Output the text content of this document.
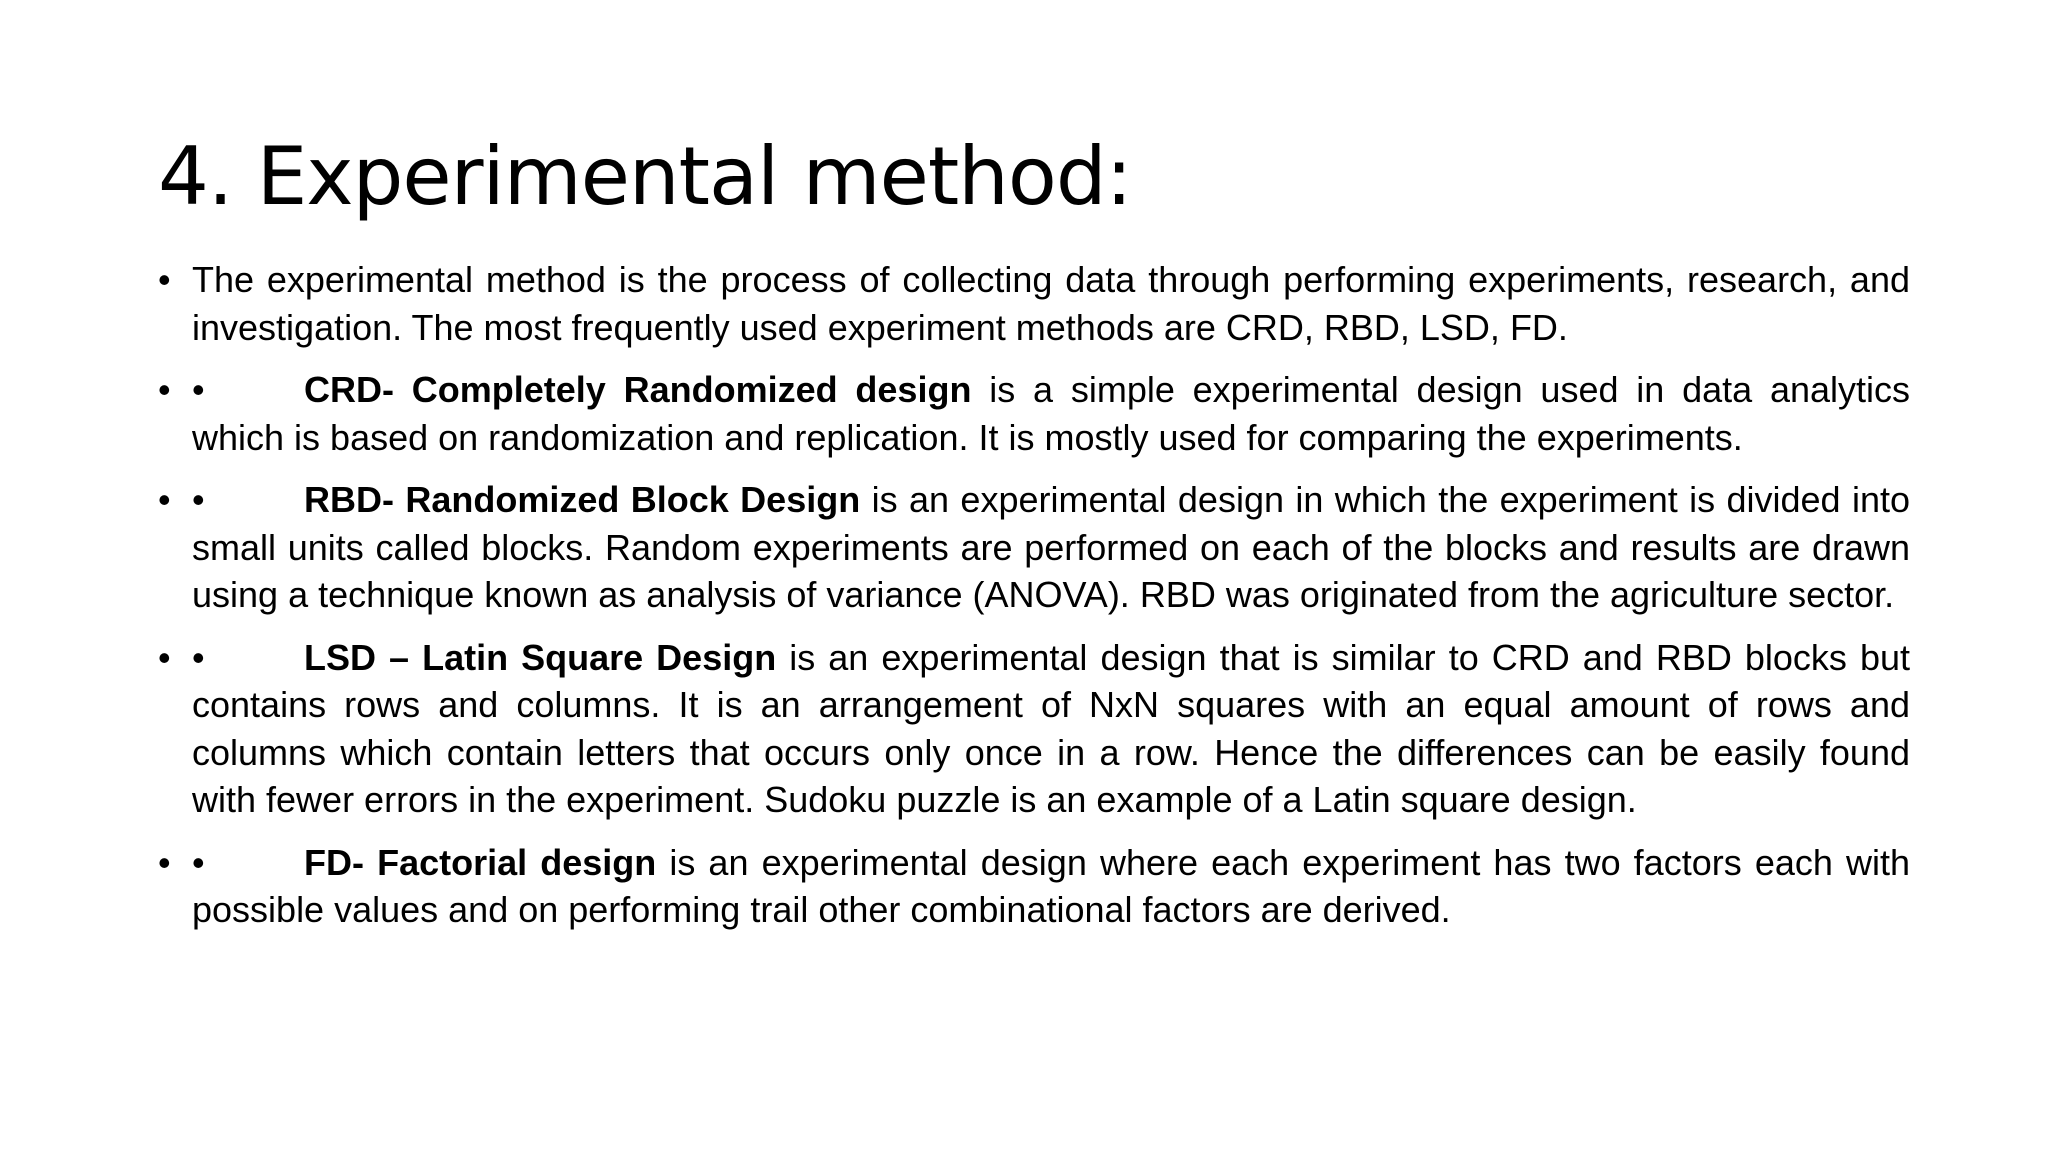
4. Experimental method:
• The experimental method is the process of collecting data through performing experiments, research, and investigation. The most frequently used experiment methods are CRD, RBD, LSD, FD.
• •	CRD- Completely Randomized design is a simple experimental design used in data analytics which is based on randomization and replication. It is mostly used for comparing the experiments.
• •	RBD- Randomized Block Design is an experimental design in which the experiment is divided into small units called blocks. Random experiments are performed on each of the blocks and results are drawn using a technique known as analysis of variance (ANOVA). RBD was originated from the agriculture sector.
• •	LSD – Latin Square Design is an experimental design that is similar to CRD and RBD blocks but contains rows and columns. It is an arrangement of NxN squares with an equal amount of rows and columns which contain letters that occurs only once in a row. Hence the differences can be easily found with fewer errors in the experiment. Sudoku puzzle is an example of a Latin square design.
• •	FD- Factorial design is an experimental design where each experiment has two factors each with possible values and on performing trail other combinational factors are derived.
